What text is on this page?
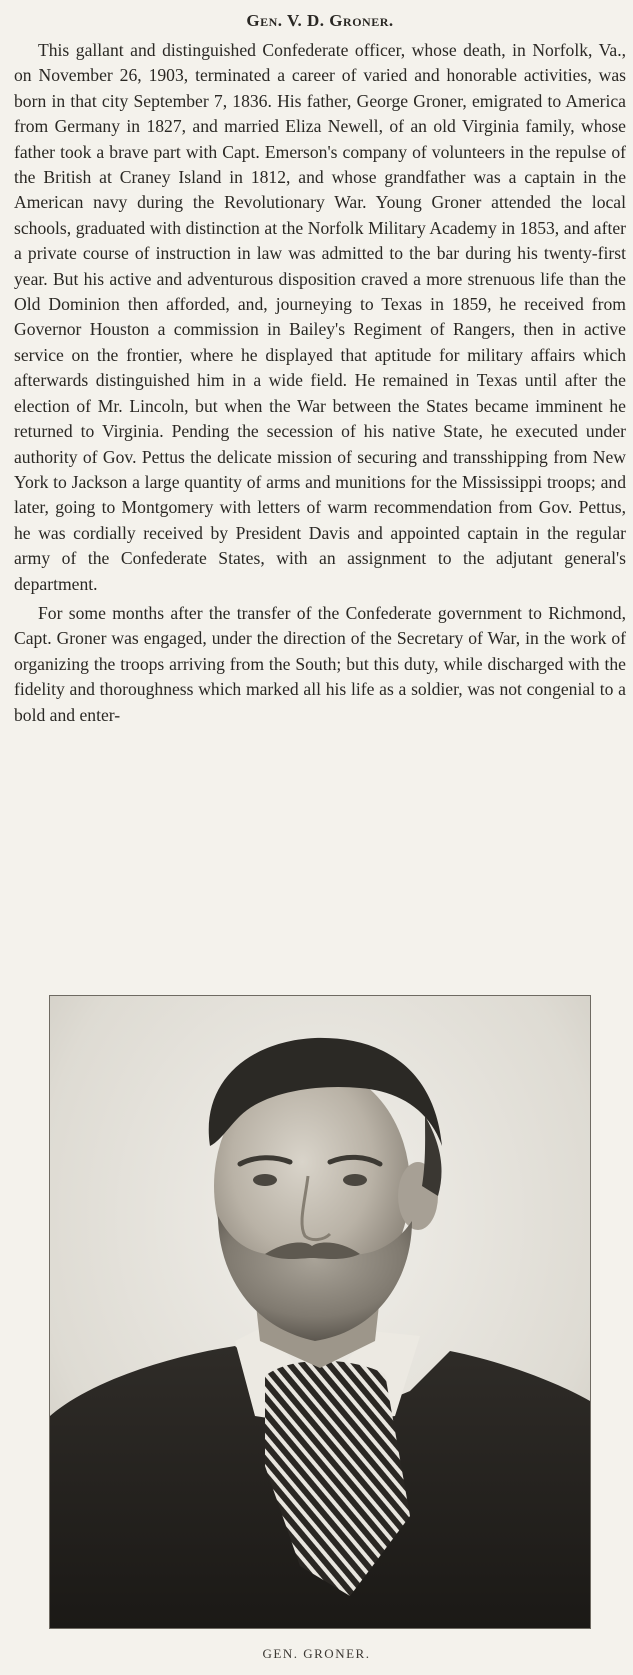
Gen. V. D. Groner.

This gallant and distinguished Confederate officer, whose death, in Norfolk, Va., on November 26, 1903, terminated a career of varied and honorable activities, was born in that city September 7, 1836. His father, George Groner, emigrated to America from Germany in 1827, and married Eliza Newell, of an old Virginia family, whose father took a brave part with Capt. Emerson's company of volunteers in the repulse of the British at Craney Island in 1812, and whose grandfather was a captain in the American navy during the Revolutionary War. Young Groner attended the local schools, graduated with distinction at the Norfolk Military Academy in 1853, and after a private course of instruction in law was admitted to the bar during his twenty-first year. But his active and adventurous disposition craved a more strenuous life than the Old Dominion then afforded, and, journeying to Texas in 1859, he received from Governor Houston a commission in Bailey's Regiment of Rangers, then in active service on the frontier, where he displayed that aptitude for military affairs which afterwards distinguished him in a wide field. He remained in Texas until after the election of Mr. Lincoln, but when the War between the States became imminent he returned to Virginia. Pending the secession of his native State, he executed under authority of Gov. Pettus the delicate mission of securing and transshipping from New York to Jackson a large quantity of arms and munitions for the Mississippi troops; and later, going to Montgomery with letters of warm recommendation from Gov. Pettus, he was cordially received by President Davis and appointed captain in the regular army of the Confederate States, with an assignment to the adjutant general's department.

For some months after the transfer of the Confederate government to Richmond, Capt. Groner was engaged, under the direction of the Secretary of War, in the work of organizing the troops arriving from the South; but this duty, while discharged with the fidelity and thoroughness which marked all his life as a soldier, was not congenial to a bold and enter-

GEN. GRONER.
